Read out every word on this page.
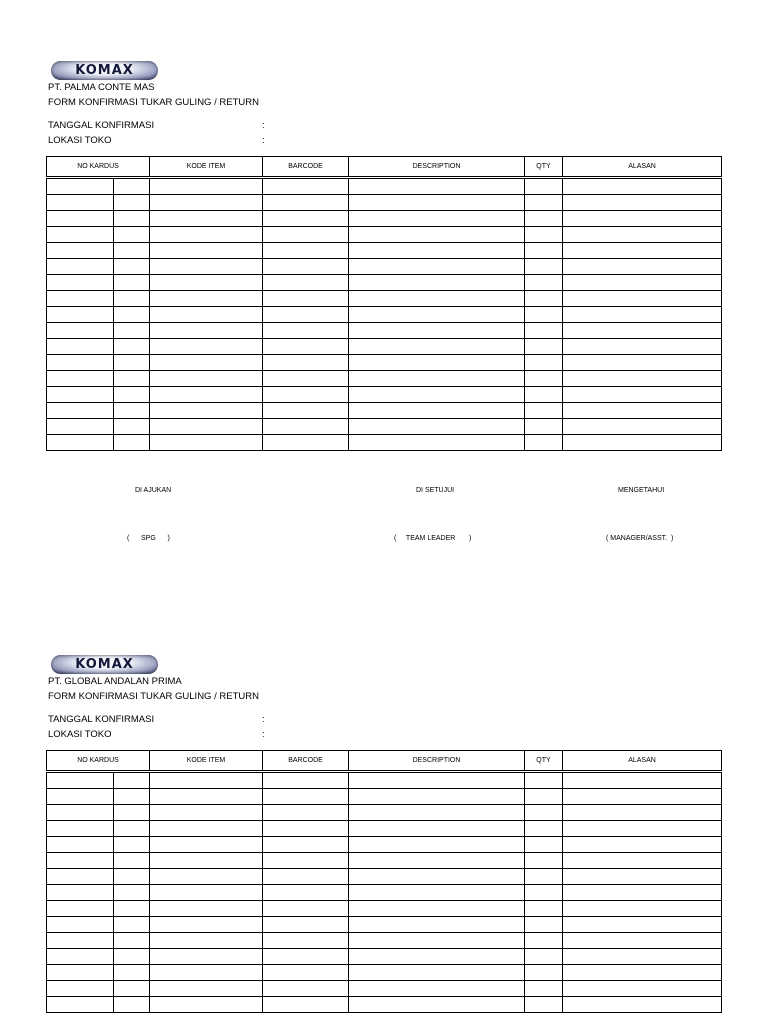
KOMAX
PT. PALMA CONTE MAS
FORM KONFIRMASI TUKAR GULING / RETURN
TANGGAL KONFIRMASI	:
LOKASI TOKO	:
NO KARDUS		KODE ITEM	BARCODE	DESCRIPTION	QTY	ALASAN

DI AJUKAN	DI SETUJUI	MENGETAHUI
(      SPG      )	(     TEAM LEADER       )	( MANAGER/ASST.  )
KOMAX
PT. GLOBAL ANDALAN PRIMA
FORM KONFIRMASI TUKAR GULING / RETURN
TANGGAL KONFIRMASI	:
LOKASI TOKO	:
NO KARDUS		KODE ITEM	BARCODE	DESCRIPTION	QTY	ALASAN
